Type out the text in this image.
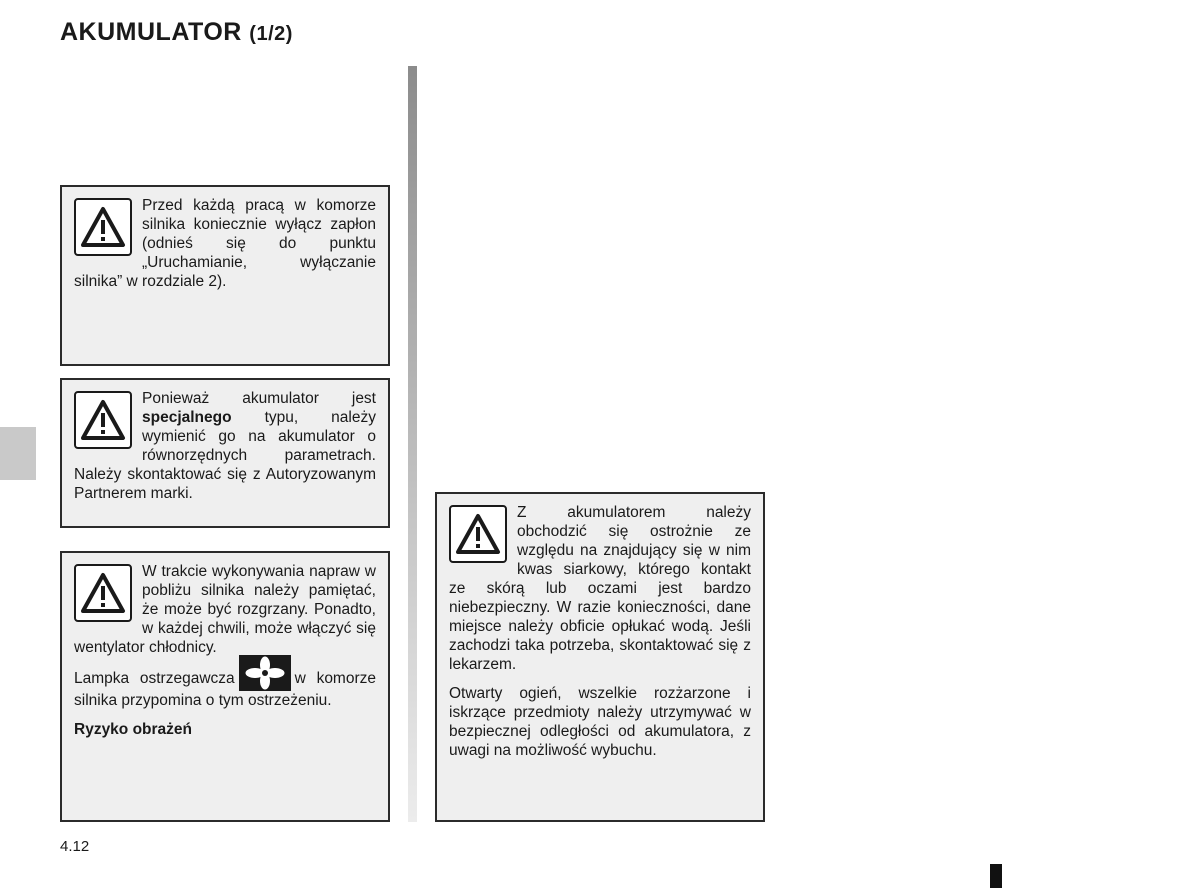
AKUMULATOR (1/2)

Przed każdą pracą w komorze silnika koniecznie wyłącz zapłon (odnieś się do punktu „Uruchamianie, wyłączanie silnika” w rozdziale 2).

Ponieważ akumulator jest specjalnego typu, należy wymienić go na akumulator o równorzędnych parametrach. Należy skontaktować się z Autoryzowanym Partnerem marki.

W trakcie wykonywania napraw w pobliżu silnika należy pamiętać, że może być rozgrzany. Ponadto, w każdej chwili, może włączyć się wentylator chłodnicy.

Lampka ostrzegawcza	w komorze silnika przypomina o tym ostrzeżeniu.

Ryzyko obrażeń

Z akumulatorem należy obchodzić się ostrożnie ze względu na znajdujący się w nim kwas siarkowy, którego kontakt ze skórą lub oczami jest bardzo niebezpieczny. W razie konieczności, dane miejsce należy obficie opłukać wodą. Jeśli zachodzi taka potrzeba, skontaktować się z lekarzem.

Otwarty ogień, wszelkie rozżarzone i iskrzące przedmioty należy utrzymywać w bezpiecznej odległości od akumulatora, z uwagi na możliwość wybuchu.

4.12
